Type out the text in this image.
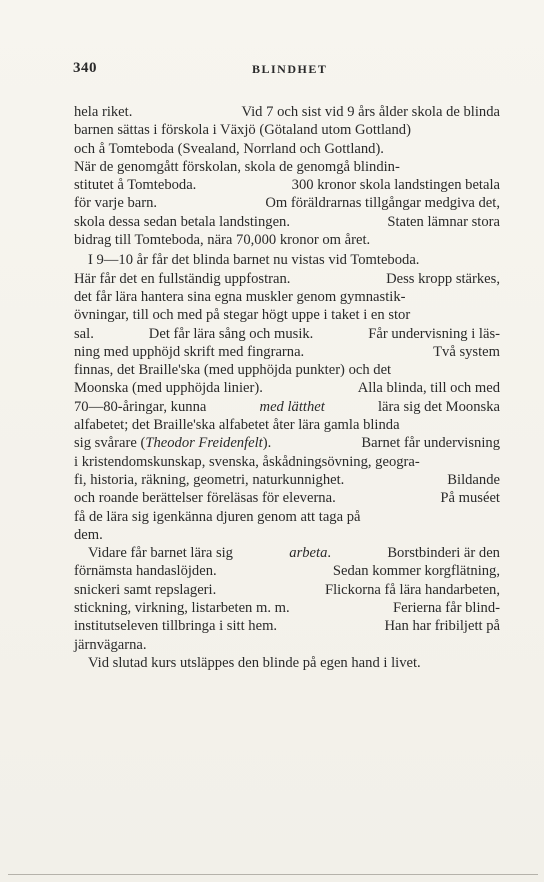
340	BLINDHET
hela riket.	Vid 7 och sist vid 9 års ålder skola de blinda
barnen sättas i förskola i Växjö (Götaland utom Gottland)
och å Tomteboda (Svealand, Norrland och Gottland).
När de genomgått förskolan, skola de genomgå blindin-
stitutet å Tomteboda.	300 kronor skola landstingen betala
för varje barn.	Om föräldrarnas tillgångar medgiva det,
skola dessa sedan betala landstingen.	Staten lämnar stora
bidrag till Tomteboda, nära 70,000 kronor om året.
I 9—10 år får det blinda barnet nu vistas vid Tomteboda.
Här får det en fullständig uppfostran.	Dess kropp stärkes,
det får lära hantera sina egna muskler genom gymnastik-
övningar, till och med på stegar högt uppe i taket i en stor
sal.	Det får lära sång och musik.	Får undervisning i läs-
ning med upphöjd skrift med fingrarna.	Två system
finnas, det Braille'ska (med upphöjda punkter) och det
Moonska (med upphöjda linier).	Alla blinda, till och med
70—80-åringar, kunna	med lätthet	lära sig det Moonska
alfabetet; det Braille'ska alfabetet åter lära gamla blinda
sig svårare (Theodor Freidenfelt).	Barnet får undervisning
i kristendomskunskap, svenska, åskådningsövning, geogra-
fi, historia, räkning, geometri, naturkunnighet.	Bildande
och roande berättelser föreläsas för eleverna.	På muséet
få de lära sig igenkänna djuren genom att taga på
dem.
Vidare får barnet lära sig	arbeta.	Borstbinderi är den
förnämsta handaslöjden.	Sedan kommer korgflätning,
snickeri samt repslageri.	Flickorna få lära handarbeten,
stickning, virkning, listarbeten m. m.	Ferierna får blind-
institutseleven tillbringa i sitt hem.	Han har fribiljett på
järnvägarna.
Vid slutad kurs utsläppes den blinde på egen hand i livet.
